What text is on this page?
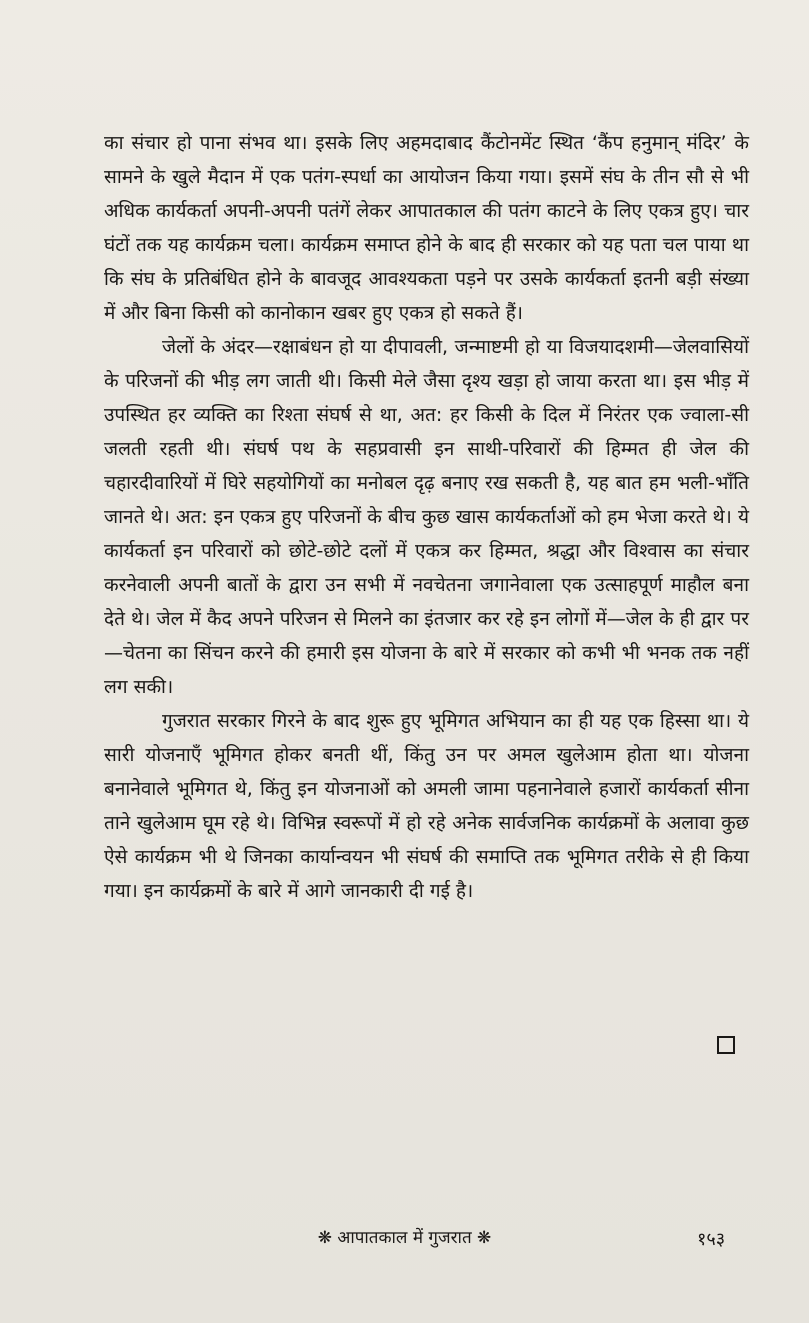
का संचार हो पाना संभव था। इसके लिए अहमदाबाद कैंटोनमेंट स्थित ‘कैंप हनुमान् मंदिर’ के सामने के खुले मैदान में एक पतंग-स्पर्धा का आयोजन किया गया। इसमें संघ के तीन सौ से भी अधिक कार्यकर्ता अपनी-अपनी पतंगें लेकर आपातकाल की पतंग काटने के लिए एकत्र हुए। चार घंटों तक यह कार्यक्रम चला। कार्यक्रम समाप्त होने के बाद ही सरकार को यह पता चल पाया था कि संघ के प्रतिबंधित होने के बावजूद आवश्यकता पड़ने पर उसके कार्यकर्ता इतनी बड़ी संख्या में और बिना किसी को कानोकान खबर हुए एकत्र हो सकते हैं।

जेलों के अंदर—रक्षाबंधन हो या दीपावली, जन्माष्टमी हो या विजयादशमी—जेलवासियों के परिजनों की भीड़ लग जाती थी। किसी मेले जैसा दृश्य खड़ा हो जाया करता था। इस भीड़ में उपस्थित हर व्यक्ति का रिश्ता संघर्ष से था, अत: हर किसी के दिल में निरंतर एक ज्वाला-सी जलती रहती थी। संघर्ष पथ के सहप्रवासी इन साथी-परिवारों की हिम्मत ही जेल की चहारदीवारियों में घिरे सहयोगियों का मनोबल दृढ़ बनाए रख सकती है, यह बात हम भली-भाँति जानते थे। अत: इन एकत्र हुए परिजनों के बीच कुछ खास कार्यकर्ताओं को हम भेजा करते थे। ये कार्यकर्ता इन परिवारों को छोटे-छोटे दलों में एकत्र कर हिम्मत, श्रद्धा और विश्वास का संचार करनेवाली अपनी बातों के द्वारा उन सभी में नवचेतना जगानेवाला एक उत्साहपूर्ण माहौल बना देते थे। जेल में कैद अपने परिजन से मिलने का इंतजार कर रहे इन लोगों में—जेल के ही द्वार पर—चेतना का सिंचन करने की हमारी इस योजना के बारे में सरकार को कभी भी भनक तक नहीं लग सकी।

गुजरात सरकार गिरने के बाद शुरू हुए भूमिगत अभियान का ही यह एक हिस्सा था। ये सारी योजनाएँ भूमिगत होकर बनती थीं, किंतु उन पर अमल खुलेआम होता था। योजना बनानेवाले भूमिगत थे, किंतु इन योजनाओं को अमली जामा पहनानेवाले हजारों कार्यकर्ता सीना ताने खुलेआम घूम रहे थे। विभिन्न स्वरूपों में हो रहे अनेक सार्वजनिक कार्यक्रमों के अलावा कुछ ऐसे कार्यक्रम भी थे जिनका कार्यान्वयन भी संघर्ष की समाप्ति तक भूमिगत तरीके से ही किया गया। इन कार्यक्रमों के बारे में आगे जानकारी दी गई है।

❋ आपातकाल में गुजरात ❋	१५३
